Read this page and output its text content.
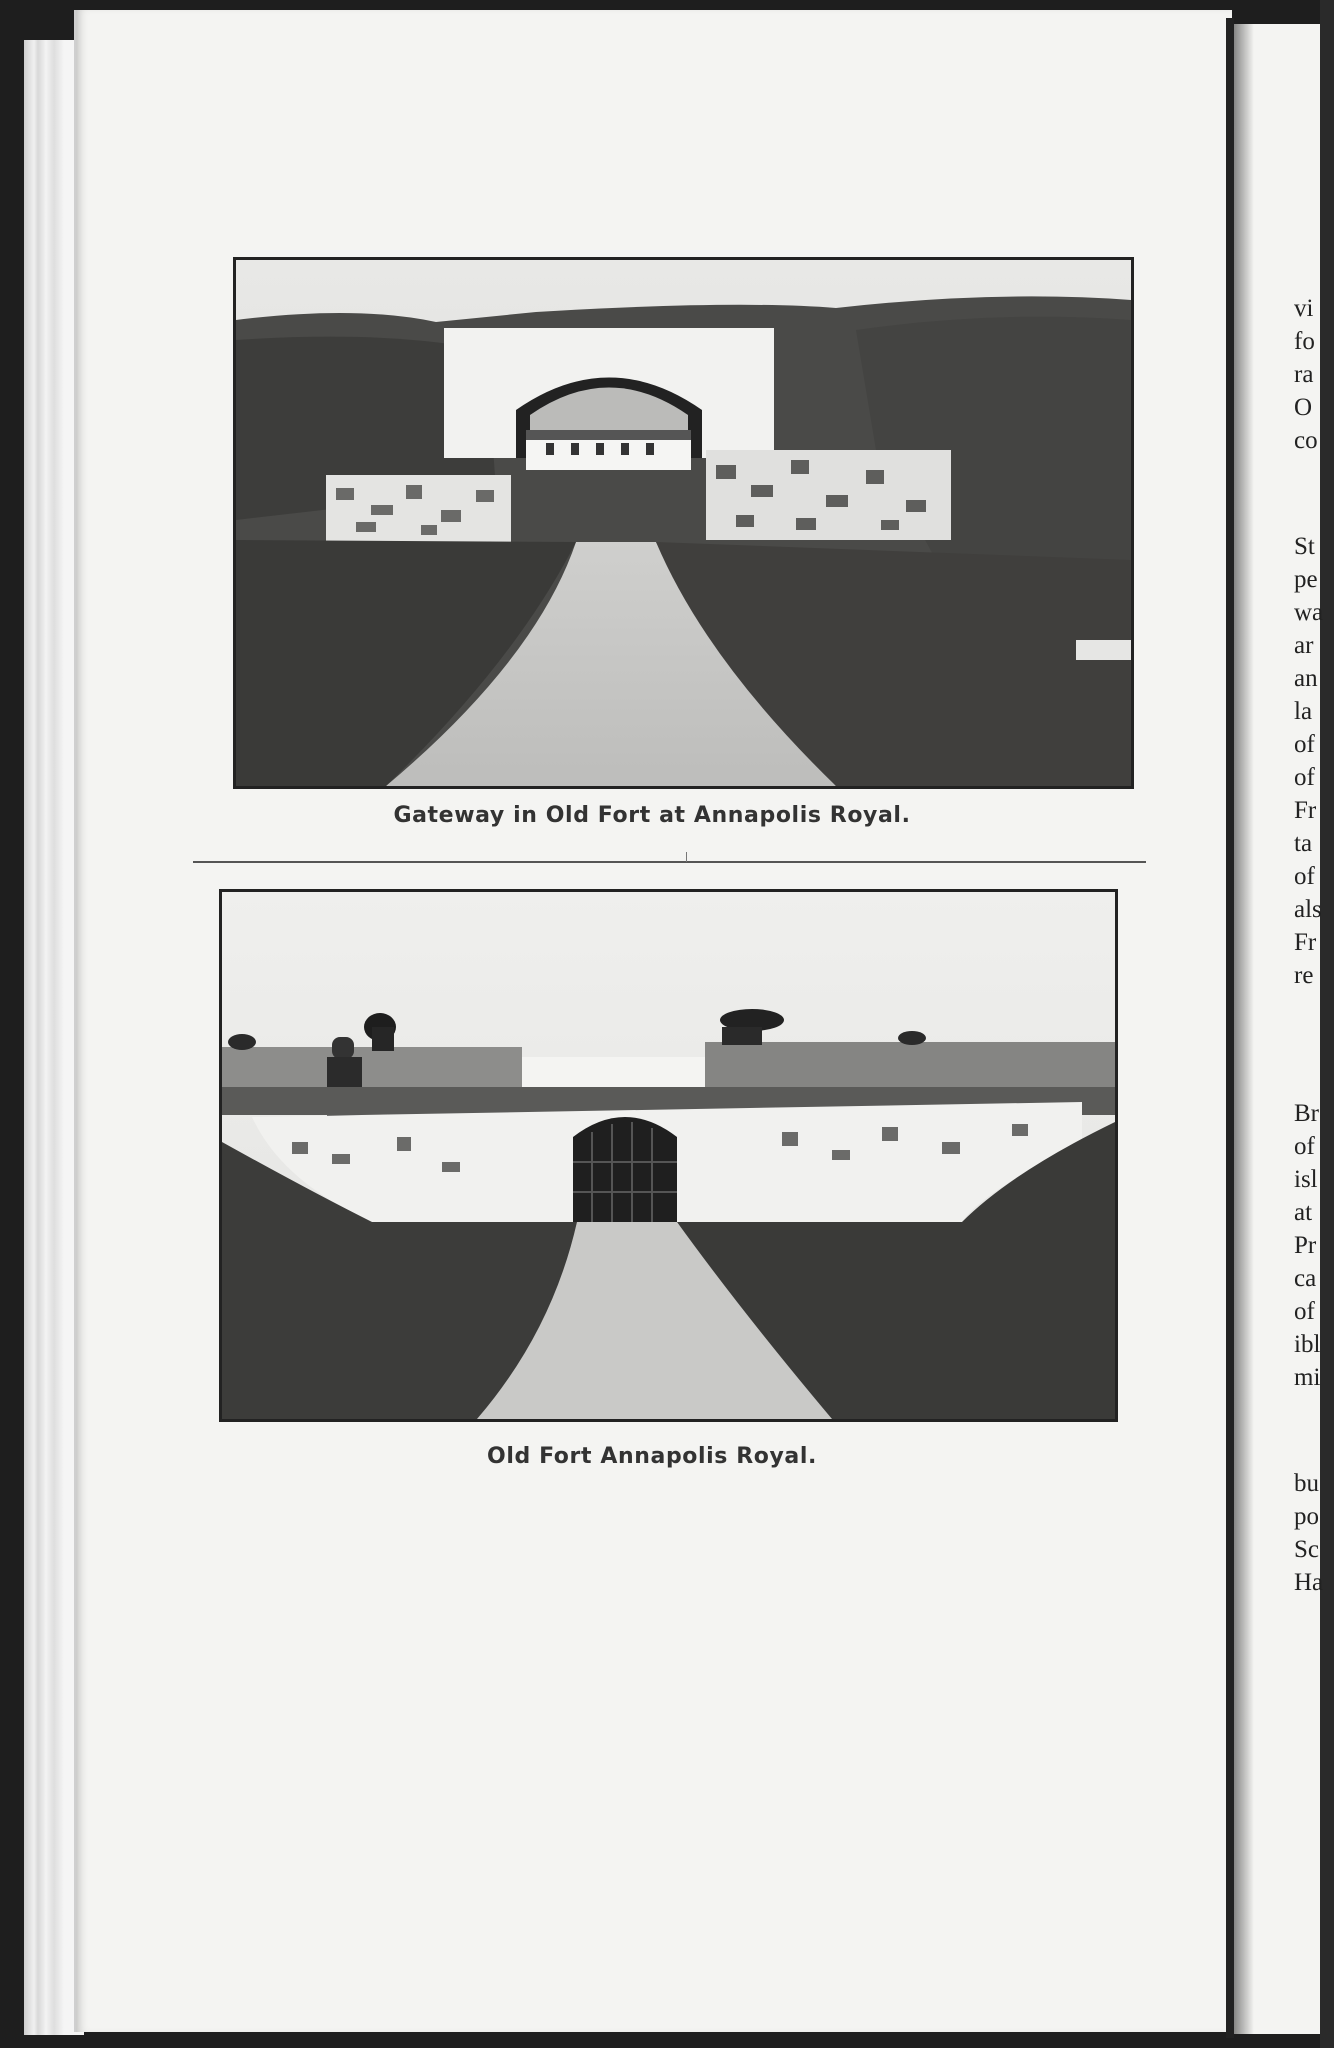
Gateway in Old Fort at Annapolis Royal.
Old Fort Annapolis Royal.
vi
fo
ra
O
co
St
pe
wa
ar
an
la
of
of
Fr
ta
of
als
Fr
re
Br
of
isl
at
Pr
ca
of
ibl
mi
bu
po
Sc
Ha
